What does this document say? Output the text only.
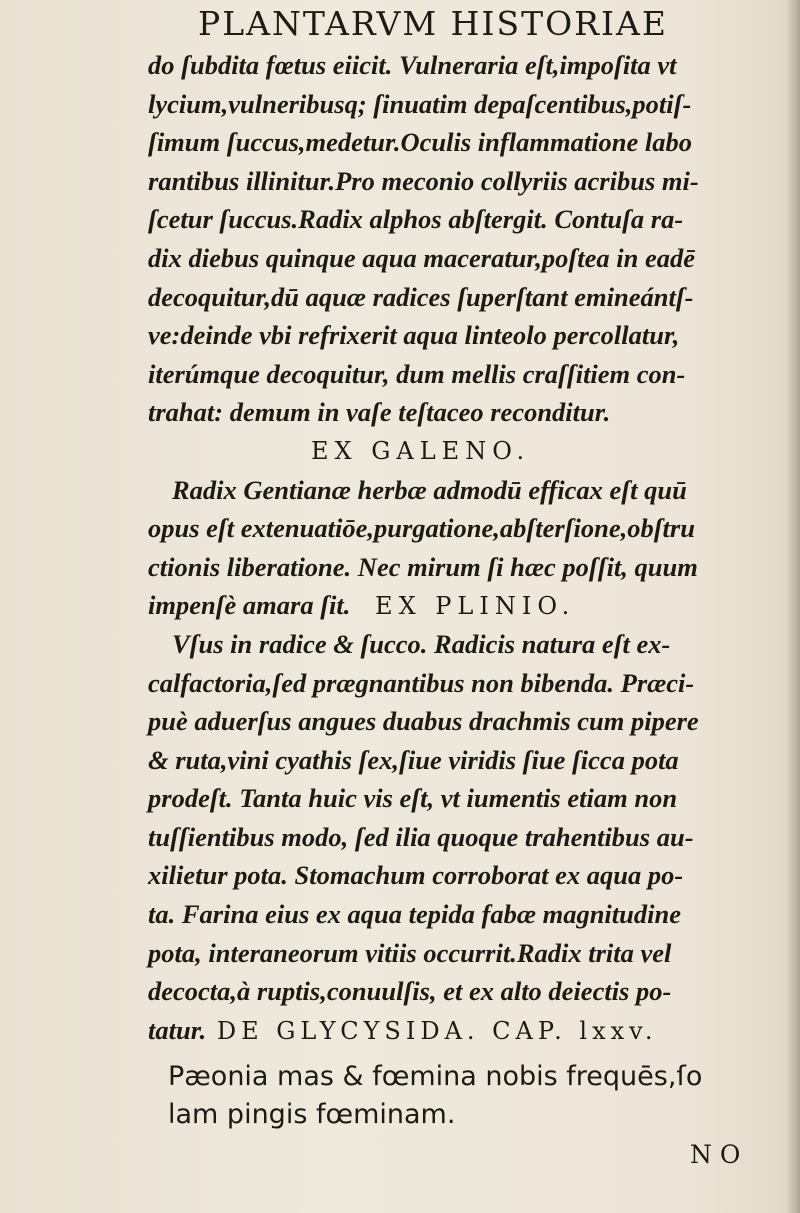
PLANTARVM HISTORIAE
do ſubdita fœtus eiicit. Vulneraria eſt,impoſita vt
lycium,vulneribusq; ſinuatim depaſcentibus,potiſ-
ſimum ſuccus,medetur.Oculis inflammatione labo
rantibus illinitur.Pro meconio collyriis acribus mi-
ſcetur ſuccus.Radix alphos abſtergit. Contuſa ra-
dix diebus quinque aqua maceratur,poſtea in eadē
decoquitur,dū aquæ radices ſuperſtant emineántſ-
ve:deinde vbi refrixerit aqua linteolo percollatur,
iterúmque decoquitur, dum mellis craſſitiem con-
trahat: demum in vaſe teſtaceo reconditur.
EX GALENO.
Radix Gentianæ herbæ admodū efficax eſt quū
opus eſt extenuatiōe,purgatione,abſterſione,obſtru
ctionis liberatione. Nec mirum ſi hæc poſſit, quum
impenſè amara ſit. EX PLINIO.
Vſus in radice & ſucco. Radicis natura eſt ex-
calfactoria,ſed prægnantibus non bibenda. Præci-
puè aduerſus angues duabus drachmis cum pipere
& ruta,vini cyathis ſex,ſiue viridis ſiue ſicca pota
prodeſt. Tanta huic vis eſt, vt iumentis etiam non
tuſſientibus modo, ſed ilia quoque trahentibus au-
xilietur pota. Stomachum corroborat ex aqua po-
ta. Farina eius ex aqua tepida fabæ magnitudine
pota, interaneorum vitiis occurrit.Radix trita vel
decocta,à ruptis,conuulſis, et ex alto deiectis po-
tatur. DE GLYCYSIDA. CAP. lxxv.
Pæonia mas & fœmina nobis frequēs,ſo
lam pingis fœminam.
N O
